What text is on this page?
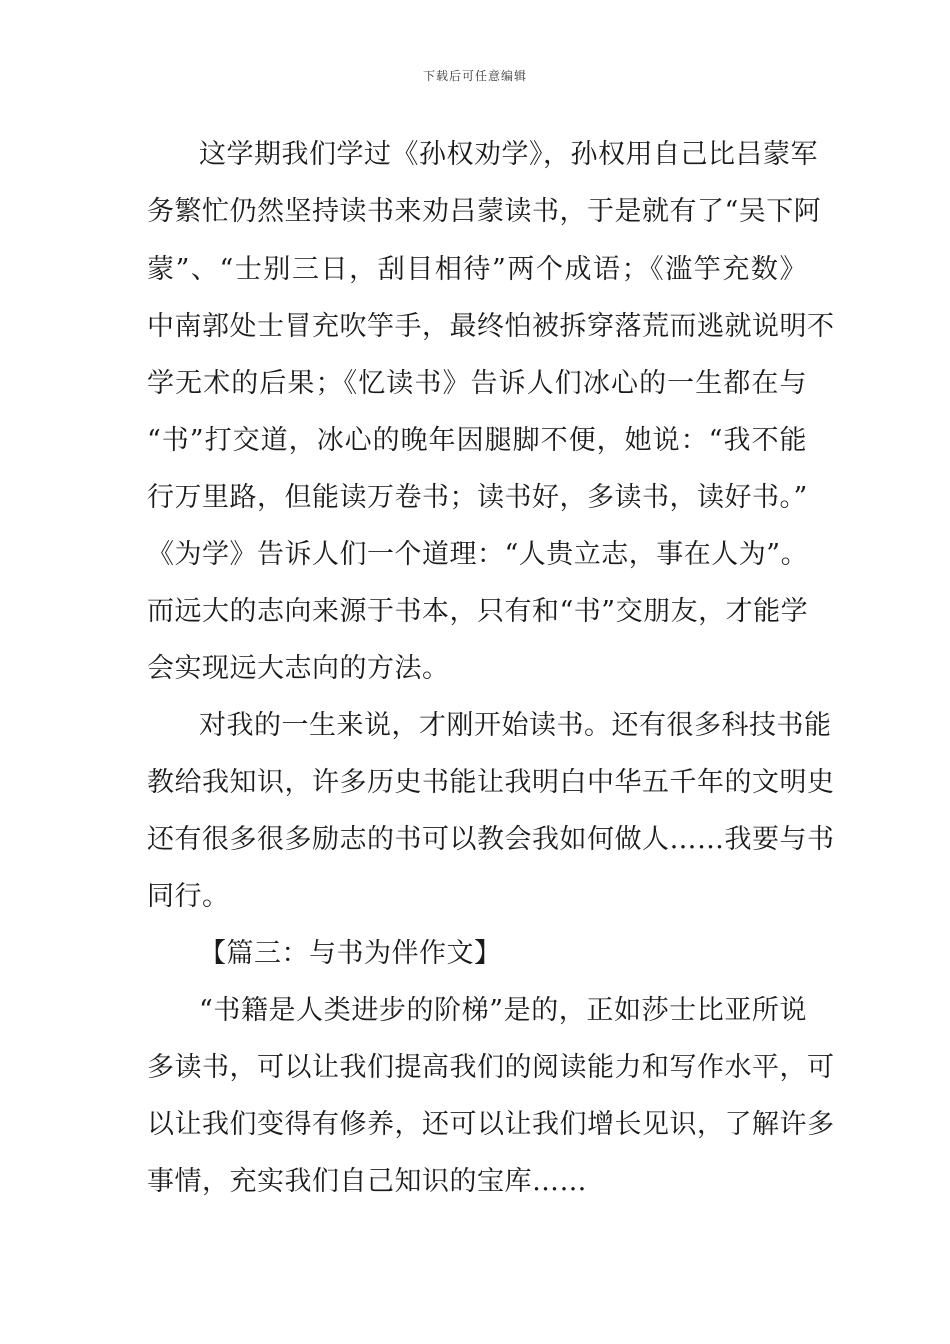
下载后可任意编辑
这学期我们学过《孙权劝学》，孙权用自己比吕蒙军
务繁忙仍然坚持读书来劝吕蒙读书，于是就有了“吴下阿
蒙”、“士别三日，刮目相待”两个成语；《滥竽充数》
中南郭处士冒充吹竽手，最终怕被拆穿落荒而逃就说明不
学无术的后果；《忆读书》告诉人们冰心的一生都在与
“书”打交道，冰心的晚年因腿脚不便，她说：“我不能
行万里路，但能读万卷书；读书好，多读书，读好书。”
《为学》告诉人们一个道理：“人贵立志，事在人为”。
而远大的志向来源于书本，只有和“书”交朋友，才能学
会实现远大志向的方法。
对我的一生来说，才刚开始读书。还有很多科技书能
教给我知识，许多历史书能让我明白中华五千年的文明史
还有很多很多励志的书可以教会我如何做人……我要与书
同行。
【篇三：与书为伴作文】
“书籍是人类进步的阶梯”是的，正如莎士比亚所说
多读书，可以让我们提高我们的阅读能力和写作水平，可
以让我们变得有修养，还可以让我们增长见识，了解许多
事情，充实我们自己知识的宝库……
